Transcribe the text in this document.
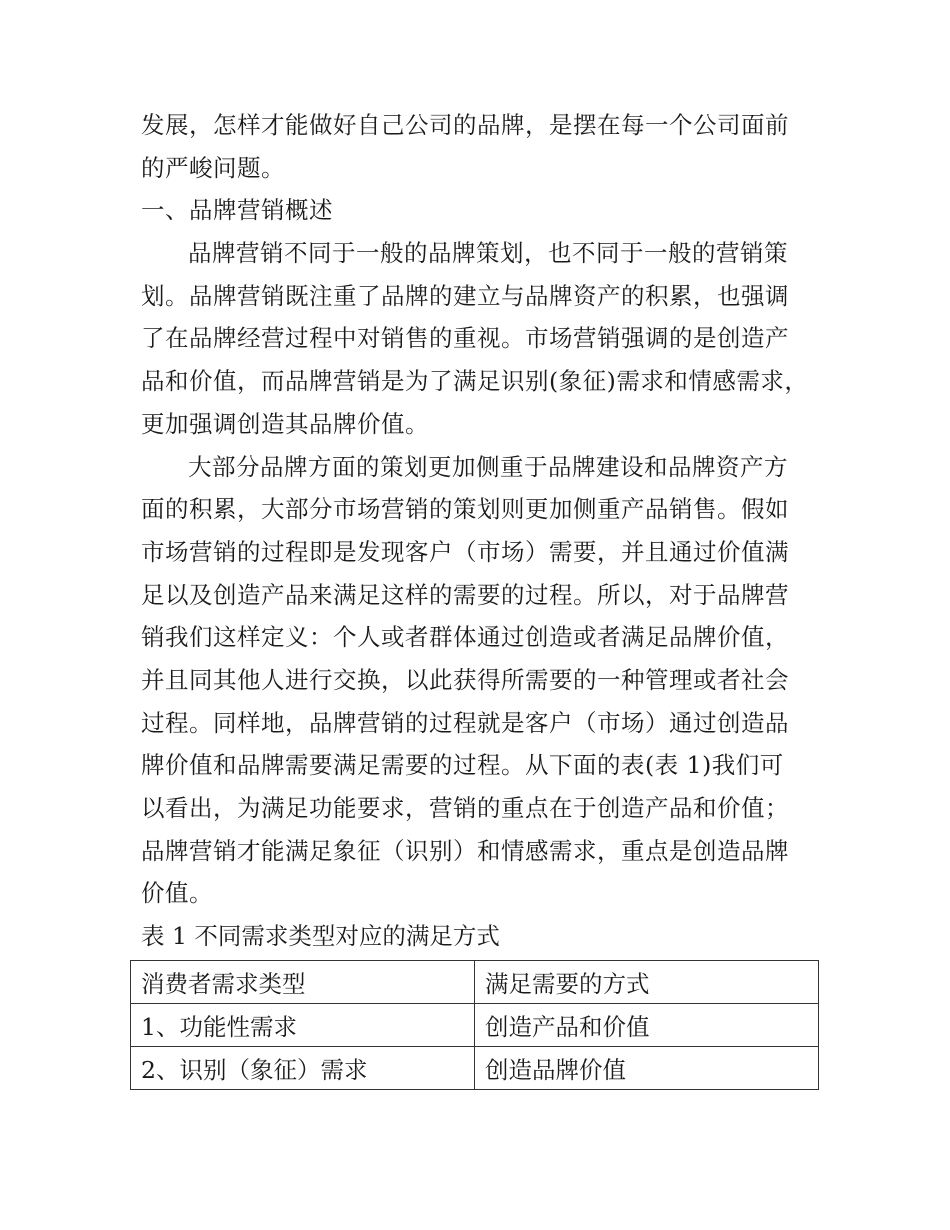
发展，怎样才能做好自己公司的品牌，是摆在每一个公司面前
的严峻问题。
一、品牌营销概述
品牌营销不同于一般的品牌策划，也不同于一般的营销策
划。品牌营销既注重了品牌的建立与品牌资产的积累，也强调
了在品牌经营过程中对销售的重视。市场营销强调的是创造产
品和价值，而品牌营销是为了满足识别(象征)需求和情感需求，
更加强调创造其品牌价值。
大部分品牌方面的策划更加侧重于品牌建设和品牌资产方
面的积累，大部分市场营销的策划则更加侧重产品销售。假如
市场营销的过程即是发现客户（市场）需要，并且通过价值满
足以及创造产品来满足这样的需要的过程。所以，对于品牌营
销我们这样定义：个人或者群体通过创造或者满足品牌价值，
并且同其他人进行交换，以此获得所需要的一种管理或者社会
过程。同样地，品牌营销的过程就是客户（市场）通过创造品
牌价值和品牌需要满足需要的过程。从下面的表(表 1)我们可
以看出，为满足功能要求，营销的重点在于创造产品和价值；
品牌营销才能满足象征（识别）和情感需求，重点是创造品牌
价值。
表 1 不同需求类型对应的满足方式
消费者需求类型	满足需要的方式
1、功能性需求	创造产品和价值
2、识别（象征）需求	创造品牌价值
